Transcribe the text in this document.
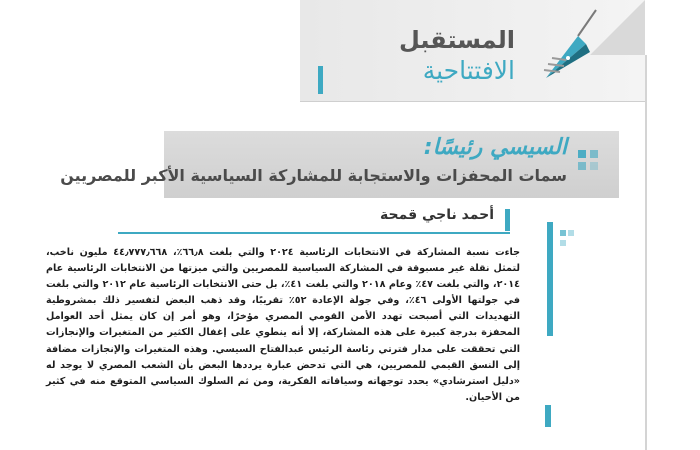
المستقبل
الافتتاحية
السيسي رئيسًا:
سمات المحفزات والاستجابة للمشاركة السياسية الأكبر للمصريين
أحمد ناجي قمحة

جاءت نسبة المشاركة في الانتخابات الرئاسية ٢٠٢٤ والتي بلغت ٦٦٫٨٪، ٤٤٫٧٧٧٫٦٦٨ مليون ناخب، لتمثل نقلة غير مسبوقة في المشاركة السياسية للمصريين والتي ميزتها من الانتخابات الرئاسية عام ٢٠١٤، والتي بلغت ٤٧٪ وعام ٢٠١٨ والتي بلغت ٤١٪، بل حتى الانتخابات الرئاسية عام ٢٠١٢ والتي بلغت في جولتها الأولى ٤٦٪، وفي جولة الإعادة ٥٢٪ تقريبًا، وقد ذهب البعض لتفسير ذلك بمشروطية التهديدات التي أصبحت تهدد الأمن القومي المصري مؤخرًا، وهو أمر إن كان يمثل أحد العوامل المحفزة بدرجة كبيرة على هذه المشاركة، إلا أنه ينطوي على إغفال الكثير من المتغيرات والإنجازات التي تحققت على مدار فترتي رئاسة الرئيس عبدالفتاح السيسي. وهذه المتغيرات والإنجازات مضافة إلى النسق القيمي للمصريين، هي التي تدحض عبارة يرددها البعض بأن الشعب المصري لا يوجد له «دليل استرشادي» يحدد توجهاته وسياقاته الفكرية، ومن ثم السلوك السياسي المتوقع منه في كثير من الأحيان.
